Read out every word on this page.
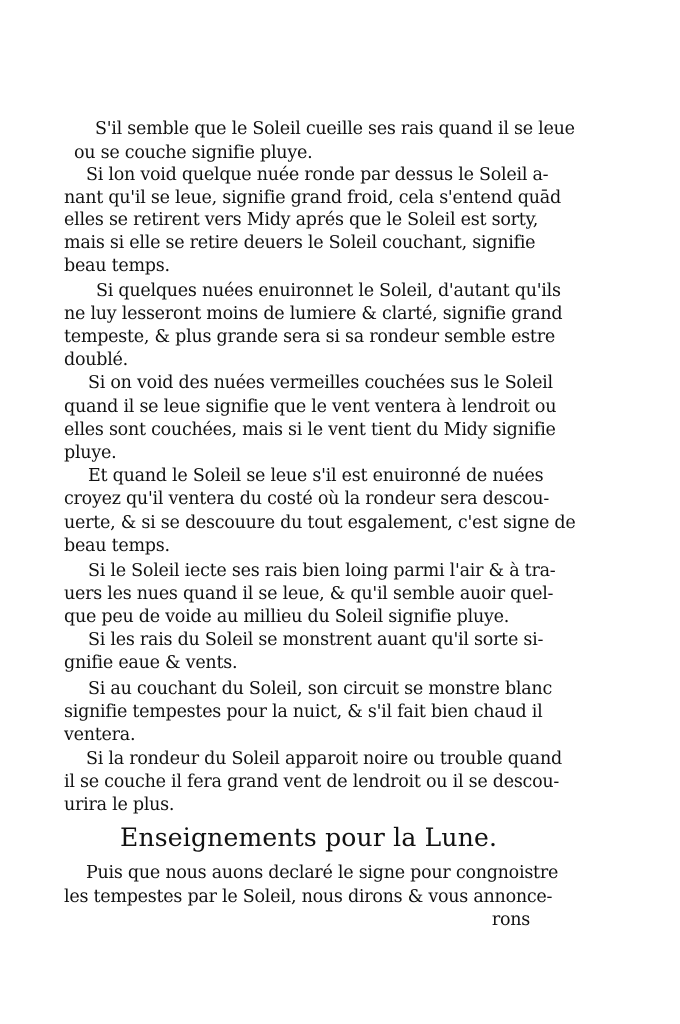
S'il semble que le Soleil cueille ses rais quand il se leue
ou se couche signifie pluye.
Si lon void quelque nuée ronde par dessus le Soleil a-
nant qu'il se leue, signifie grand froid, cela s'entend quād
elles se retirent vers Midy aprés que le Soleil est sorty,
mais si elle se retire deuers le Soleil couchant, signifie
beau temps.
Si quelques nuées enuironnet le Soleil, d'autant qu'ils
ne luy lesseront moins de lumiere & clarté, signifie grand
tempeste, & plus grande sera si sa rondeur semble estre
doublé.
Si on void des nuées vermeilles couchées sus le Soleil
quand il se leue signifie que le vent ventera à lendroit ou
elles sont couchées, mais si le vent tient du Midy signifie
pluye.
Et quand le Soleil se leue s'il est enuironné de nuées
croyez qu'il ventera du costé où la rondeur sera descou-
uerte, & si se descouure du tout esgalement, c'est signe de
beau temps.
Si le Soleil iecte ses rais bien loing parmi l'air & à tra-
uers les nues quand il se leue, & qu'il semble auoir quel-
que peu de voide au millieu du Soleil signifie pluye.
Si les rais du Soleil se monstrent auant qu'il sorte si-
gnifie eaue & vents.
Si au couchant du Soleil, son circuit se monstre blanc
signifie tempestes pour la nuict, & s'il fait bien chaud il
ventera.
Si la rondeur du Soleil apparoit noire ou trouble quand
il se couche il fera grand vent de lendroit ou il se descou-
urira le plus.
Enseignements pour la Lune.
Puis que nous auons declaré le signe pour congnoistre
les tempestes par le Soleil, nous dirons & vous annonce-
rons
